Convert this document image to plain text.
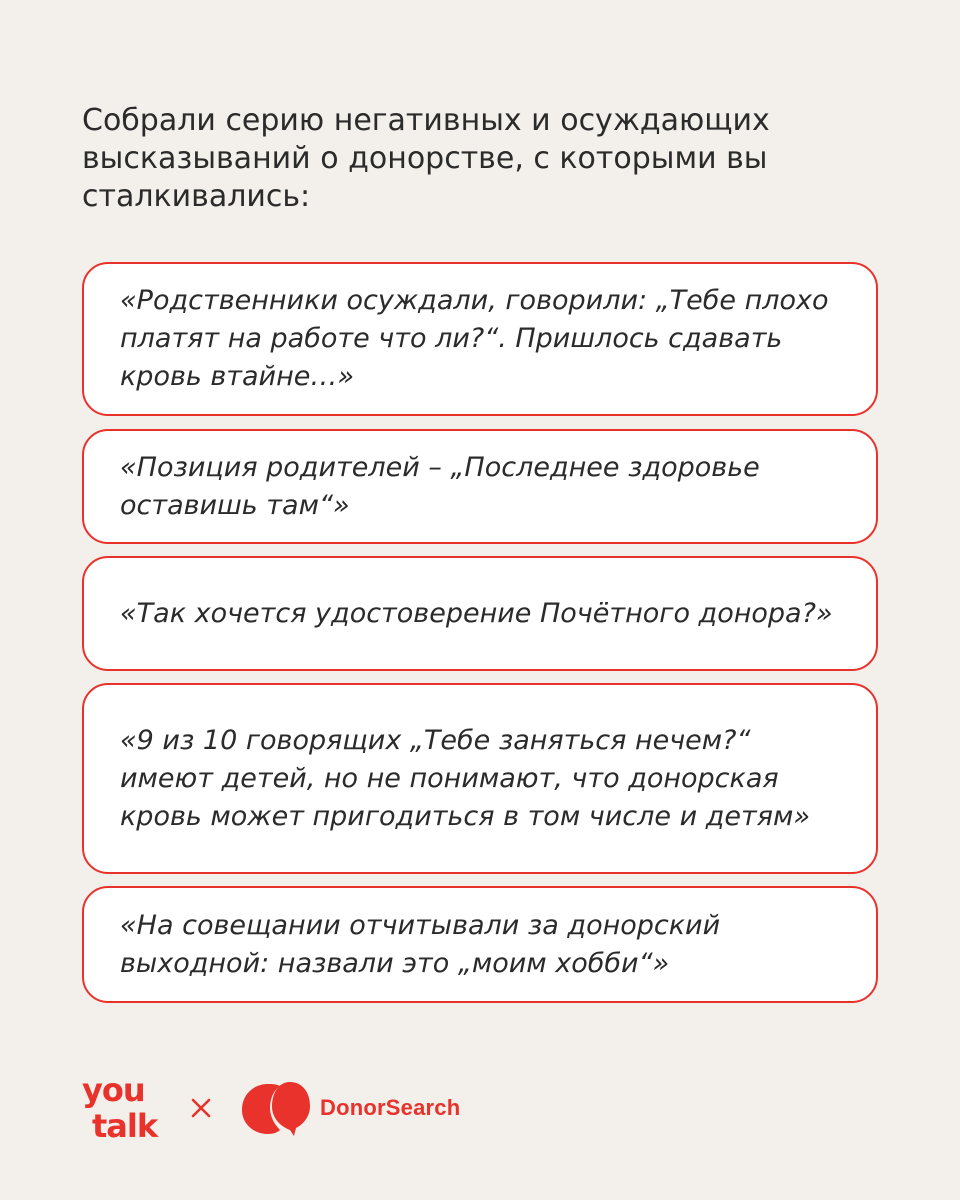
Собрали серию негативных и осуждающих высказываний о донорстве, с которыми вы сталкивались:

«Родственники осуждали, говорили: „Тебе плохо платят на работе что ли?“. Пришлось сдавать кровь втайне…»

«Позиция родителей – „Последнее здоровье оставишь там“»

«Так хочется удостоверение Почётного донора?»

«9 из 10 говорящих „Тебе заняться нечем?“ имеют детей, но не понимают, что донорская кровь может пригодиться в том числе и детям»

«На совещании отчитывали за донорский выходной: назвали это „моим хобби“»

you
talk	DonorSearch
